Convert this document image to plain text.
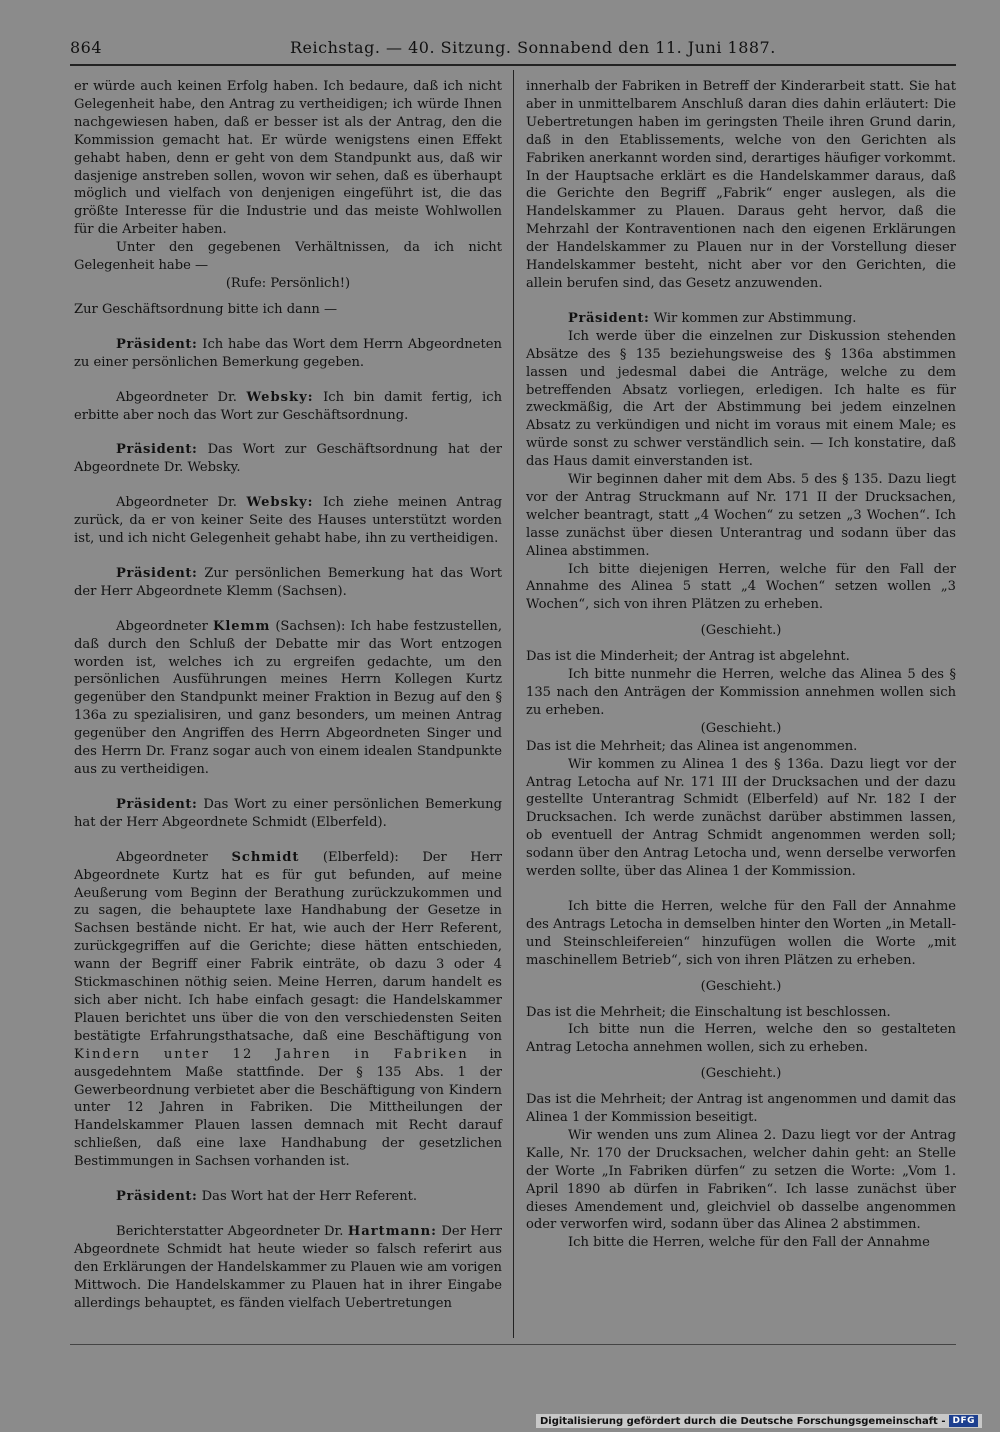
864	Reichstag. — 40. Sitzung. Sonnabend den 11. Juni 1887.

er würde auch keinen Erfolg haben. Ich bedaure, daß ich nicht Gelegenheit habe, den Antrag zu vertheidigen; ich würde Ihnen nachgewiesen haben, daß er besser ist als der Antrag, den die Kommission gemacht hat. Er würde wenigstens einen Effekt gehabt haben, denn er geht von dem Standpunkt aus, daß wir dasjenige anstreben sollen, wovon wir sehen, daß es überhaupt möglich und vielfach von denjenigen eingeführt ist, die das größte Interesse für die Industrie und das meiste Wohlwollen für die Arbeiter haben.

Unter den gegebenen Verhältnissen, da ich nicht Gelegenheit habe —

(Rufe: Persönlich!)

Zur Geschäftsordnung bitte ich dann —

Präsident: Ich habe das Wort dem Herrn Abgeordneten zu einer persönlichen Bemerkung gegeben.

Abgeordneter Dr. Websky: Ich bin damit fertig, ich erbitte aber noch das Wort zur Geschäftsordnung.

Präsident: Das Wort zur Geschäftsordnung hat der Abgeordnete Dr. Websky.

Abgeordneter Dr. Websky: Ich ziehe meinen Antrag zurück, da er von keiner Seite des Hauses unterstützt worden ist, und ich nicht Gelegenheit gehabt habe, ihn zu vertheidigen.

Präsident: Zur persönlichen Bemerkung hat das Wort der Herr Abgeordnete Klemm (Sachsen).

Abgeordneter Klemm (Sachsen): Ich habe festzustellen, daß durch den Schluß der Debatte mir das Wort entzogen worden ist, welches ich zu ergreifen gedachte, um den persönlichen Ausführungen meines Herrn Kollegen Kurtz gegenüber den Standpunkt meiner Fraktion in Bezug auf den § 136a zu spezialisiren, und ganz besonders, um meinen Antrag gegenüber den Angriffen des Herrn Abgeordneten Singer und des Herrn Dr. Franz sogar auch von einem idealen Standpunkte aus zu vertheidigen.

Präsident: Das Wort zu einer persönlichen Bemerkung hat der Herr Abgeordnete Schmidt (Elberfeld).

Abgeordneter Schmidt (Elberfeld): Der Herr Abgeordnete Kurtz hat es für gut befunden, auf meine Aeußerung vom Beginn der Berathung zurückzukommen und zu sagen, die behauptete laxe Handhabung der Gesetze in Sachsen bestände nicht. Er hat, wie auch der Herr Referent, zurückgegriffen auf die Gerichte; diese hätten entschieden, wann der Begriff einer Fabrik einträte, ob dazu 3 oder 4 Stickmaschinen nöthig seien. Meine Herren, darum handelt es sich aber nicht. Ich habe einfach gesagt: die Handelskammer Plauen berichtet uns über die von den verschiedensten Seiten bestätigte Erfahrungsthatsache, daß eine Beschäftigung von Kindern unter 12 Jahren in Fabriken in ausgedehntem Maße stattfinde. Der § 135 Abs. 1 der Gewerbeordnung verbietet aber die Beschäftigung von Kindern unter 12 Jahren in Fabriken. Die Mittheilungen der Handelskammer Plauen lassen demnach mit Recht darauf schließen, daß eine laxe Handhabung der gesetzlichen Bestimmungen in Sachsen vorhanden ist.

Präsident: Das Wort hat der Herr Referent.

Berichterstatter Abgeordneter Dr. Hartmann: Der Herr Abgeordnete Schmidt hat heute wieder so falsch referirt aus den Erklärungen der Handelskammer zu Plauen wie am vorigen Mittwoch. Die Handelskammer zu Plauen hat in ihrer Eingabe allerdings behauptet, es fänden vielfach Uebertretungen

innerhalb der Fabriken in Betreff der Kinderarbeit statt. Sie hat aber in unmittelbarem Anschluß daran dies dahin erläutert: Die Uebertretungen haben im geringsten Theile ihren Grund darin, daß in den Etablissements, welche von den Gerichten als Fabriken anerkannt worden sind, derartiges häufiger vorkommt. In der Hauptsache erklärt es die Handelskammer daraus, daß die Gerichte den Begriff „Fabrik“ enger auslegen, als die Handelskammer zu Plauen. Daraus geht hervor, daß die Mehrzahl der Kontraventionen nach den eigenen Erklärungen der Handelskammer zu Plauen nur in der Vorstellung dieser Handelskammer besteht, nicht aber vor den Gerichten, die allein berufen sind, das Gesetz anzuwenden.

Präsident: Wir kommen zur Abstimmung.

Ich werde über die einzelnen zur Diskussion stehenden Absätze des § 135 beziehungsweise des § 136a abstimmen lassen und jedesmal dabei die Anträge, welche zu dem betreffenden Absatz vorliegen, erledigen. Ich halte es für zweckmäßig, die Art der Abstimmung bei jedem einzelnen Absatz zu verkündigen und nicht im voraus mit einem Male; es würde sonst zu schwer verständlich sein. — Ich konstatire, daß das Haus damit einverstanden ist.

Wir beginnen daher mit dem Abs. 5 des § 135. Dazu liegt vor der Antrag Struckmann auf Nr. 171 II der Drucksachen, welcher beantragt, statt „4 Wochen“ zu setzen „3 Wochen“. Ich lasse zunächst über diesen Unterantrag und sodann über das Alinea abstimmen.

Ich bitte diejenigen Herren, welche für den Fall der Annahme des Alinea 5 statt „4 Wochen“ setzen wollen „3 Wochen“, sich von ihren Plätzen zu erheben.

(Geschieht.)

Das ist die Minderheit; der Antrag ist abgelehnt.

Ich bitte nunmehr die Herren, welche das Alinea 5 des § 135 nach den Anträgen der Kommission annehmen wollen sich zu erheben.

(Geschieht.)

Das ist die Mehrheit; das Alinea ist angenommen.

Wir kommen zu Alinea 1 des § 136a. Dazu liegt vor der Antrag Letocha auf Nr. 171 III der Drucksachen und der dazu gestellte Unterantrag Schmidt (Elberfeld) auf Nr. 182 I der Drucksachen. Ich werde zunächst darüber abstimmen lassen, ob eventuell der Antrag Schmidt angenommen werden soll; sodann über den Antrag Letocha und, wenn derselbe verworfen werden sollte, über das Alinea 1 der Kommission.

Ich bitte die Herren, welche für den Fall der Annahme des Antrags Letocha in demselben hinter den Worten „in Metall- und Steinschleifereien“ hinzufügen wollen die Worte „mit maschinellem Betrieb“, sich von ihren Plätzen zu erheben.

(Geschieht.)

Das ist die Mehrheit; die Einschaltung ist beschlossen.

Ich bitte nun die Herren, welche den so gestalteten Antrag Letocha annehmen wollen, sich zu erheben.

(Geschieht.)

Das ist die Mehrheit; der Antrag ist angenommen und damit das Alinea 1 der Kommission beseitigt.

Wir wenden uns zum Alinea 2. Dazu liegt vor der Antrag Kalle, Nr. 170 der Drucksachen, welcher dahin geht: an Stelle der Worte „In Fabriken dürfen“ zu setzen die Worte: „Vom 1. April 1890 ab dürfen in Fabriken“. Ich lasse zunächst über dieses Amendement und, gleichviel ob dasselbe angenommen oder verworfen wird, sodann über das Alinea 2 abstimmen.

Ich bitte die Herren, welche für den Fall der Annahme

Digitalisierung gefördert durch die Deutsche Forschungsgemeinschaft - DFG
